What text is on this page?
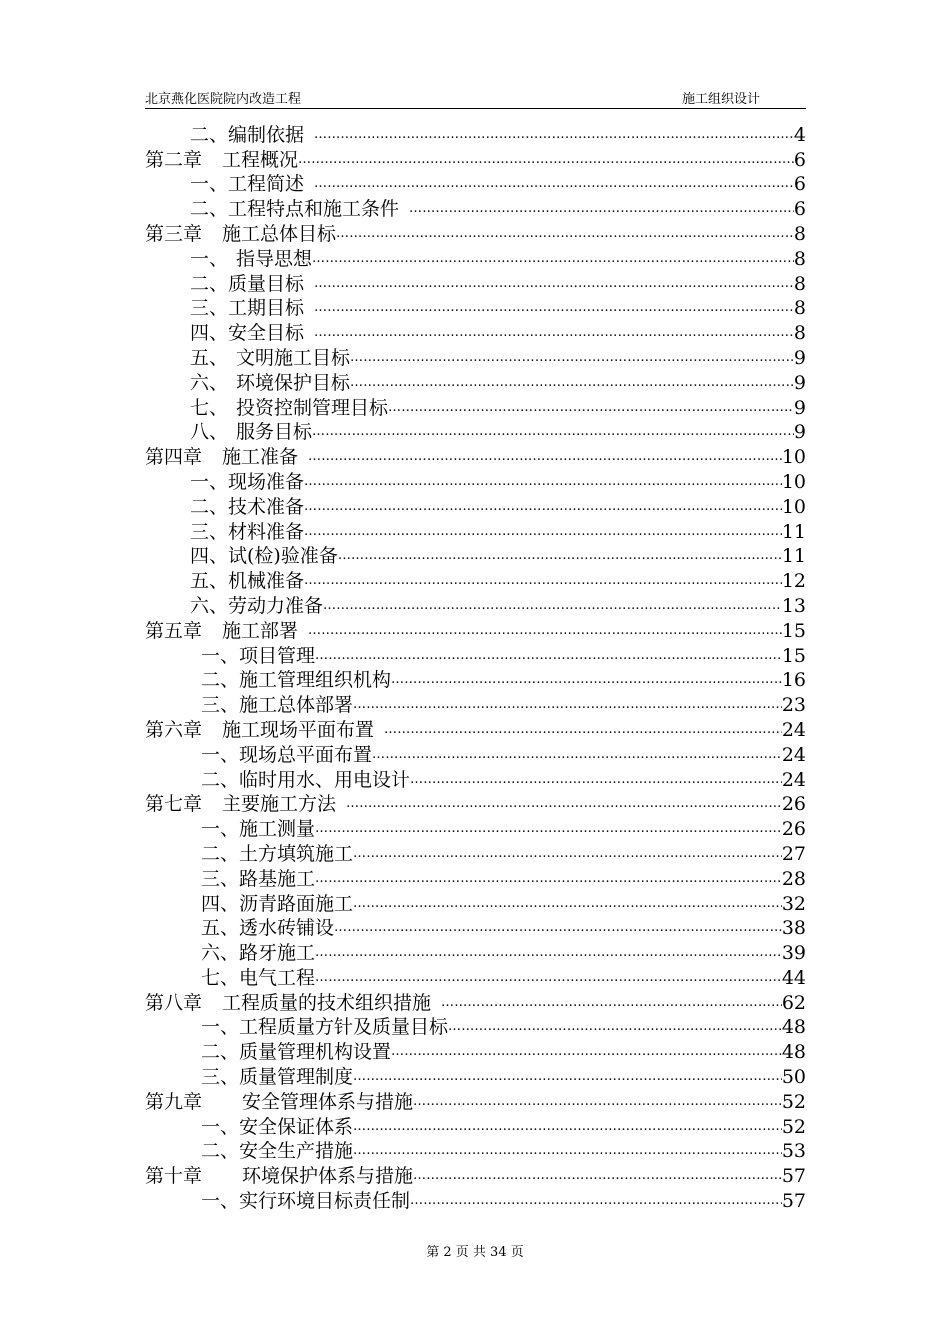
北京燕化医院院内改造工程	施工组织设计
二、编制依据 ………………………………………………………………………………………………………………………………………………………………	4
第二章 工程概况 ………………………………………………………………………………………………………………………………………………………………	6
一、工程简述 ………………………………………………………………………………………………………………………………………………………………	6
二、工程特点和施工条件 ………………………………………………………………………………………………………………………………………………………………	6
第三章 施工总体目标 ………………………………………………………………………………………………………………………………………………………………	8
一、 指导思想 ………………………………………………………………………………………………………………………………………………………………	8
二、质量目标 ………………………………………………………………………………………………………………………………………………………………	8
三、工期目标 ………………………………………………………………………………………………………………………………………………………………	8
四、安全目标 ………………………………………………………………………………………………………………………………………………………………	8
五、 文明施工目标 ………………………………………………………………………………………………………………………………………………………………	9
六、 环境保护目标 ………………………………………………………………………………………………………………………………………………………………	9
七、 投资控制管理目标 ………………………………………………………………………………………………………………………………………………………………	9
八、 服务目标 ………………………………………………………………………………………………………………………………………………………………	9
第四章 施工准备 ………………………………………………………………………………………………………………………………………………………………	10
一、现场准备 ………………………………………………………………………………………………………………………………………………………………	10
二、技术准备 ………………………………………………………………………………………………………………………………………………………………	10
三、材料准备 ………………………………………………………………………………………………………………………………………………………………	11
四、试(检)验准备 ………………………………………………………………………………………………………………………………………………………………	11
五、机械准备 ………………………………………………………………………………………………………………………………………………………………	12
六、劳动力准备 ………………………………………………………………………………………………………………………………………………………………	13
第五章 施工部署 ………………………………………………………………………………………………………………………………………………………………	15
一、项目管理 ………………………………………………………………………………………………………………………………………………………………	15
二、施工管理组织机构 ………………………………………………………………………………………………………………………………………………………………	16
三、施工总体部署 ………………………………………………………………………………………………………………………………………………………………	23
第六章 施工现场平面布置 ………………………………………………………………………………………………………………………………………………………………	24
一、现场总平面布置 ………………………………………………………………………………………………………………………………………………………………	24
二、临时用水、用电设计 ………………………………………………………………………………………………………………………………………………………………	24
第七章 主要施工方法 ………………………………………………………………………………………………………………………………………………………………	26
一、施工测量 ………………………………………………………………………………………………………………………………………………………………	26
二、土方填筑施工 ………………………………………………………………………………………………………………………………………………………………	27
三、路基施工 ………………………………………………………………………………………………………………………………………………………………	28
四、沥青路面施工 ………………………………………………………………………………………………………………………………………………………………	32
五、透水砖铺设 ………………………………………………………………………………………………………………………………………………………………	38
六、路牙施工 ………………………………………………………………………………………………………………………………………………………………	39
七、电气工程 ………………………………………………………………………………………………………………………………………………………………	44
第八章 工程质量的技术组织措施 ………………………………………………………………………………………………………………………………………………………………	62
一、工程质量方针及质量目标 ………………………………………………………………………………………………………………………………………………………………	48
二、质量管理机构设置 ………………………………………………………………………………………………………………………………………………………………	48
三、质量管理制度 ………………………………………………………………………………………………………………………………………………………………	50
第九章 安全管理体系与措施 ………………………………………………………………………………………………………………………………………………………………	52
一、安全保证体系 ………………………………………………………………………………………………………………………………………………………………	52
二、安全生产措施 ………………………………………………………………………………………………………………………………………………………………	53
第十章 环境保护体系与措施 ………………………………………………………………………………………………………………………………………………………………	57
一、实行环境目标责任制 ………………………………………………………………………………………………………………………………………………………………	57
第 2 页 共 34 页
